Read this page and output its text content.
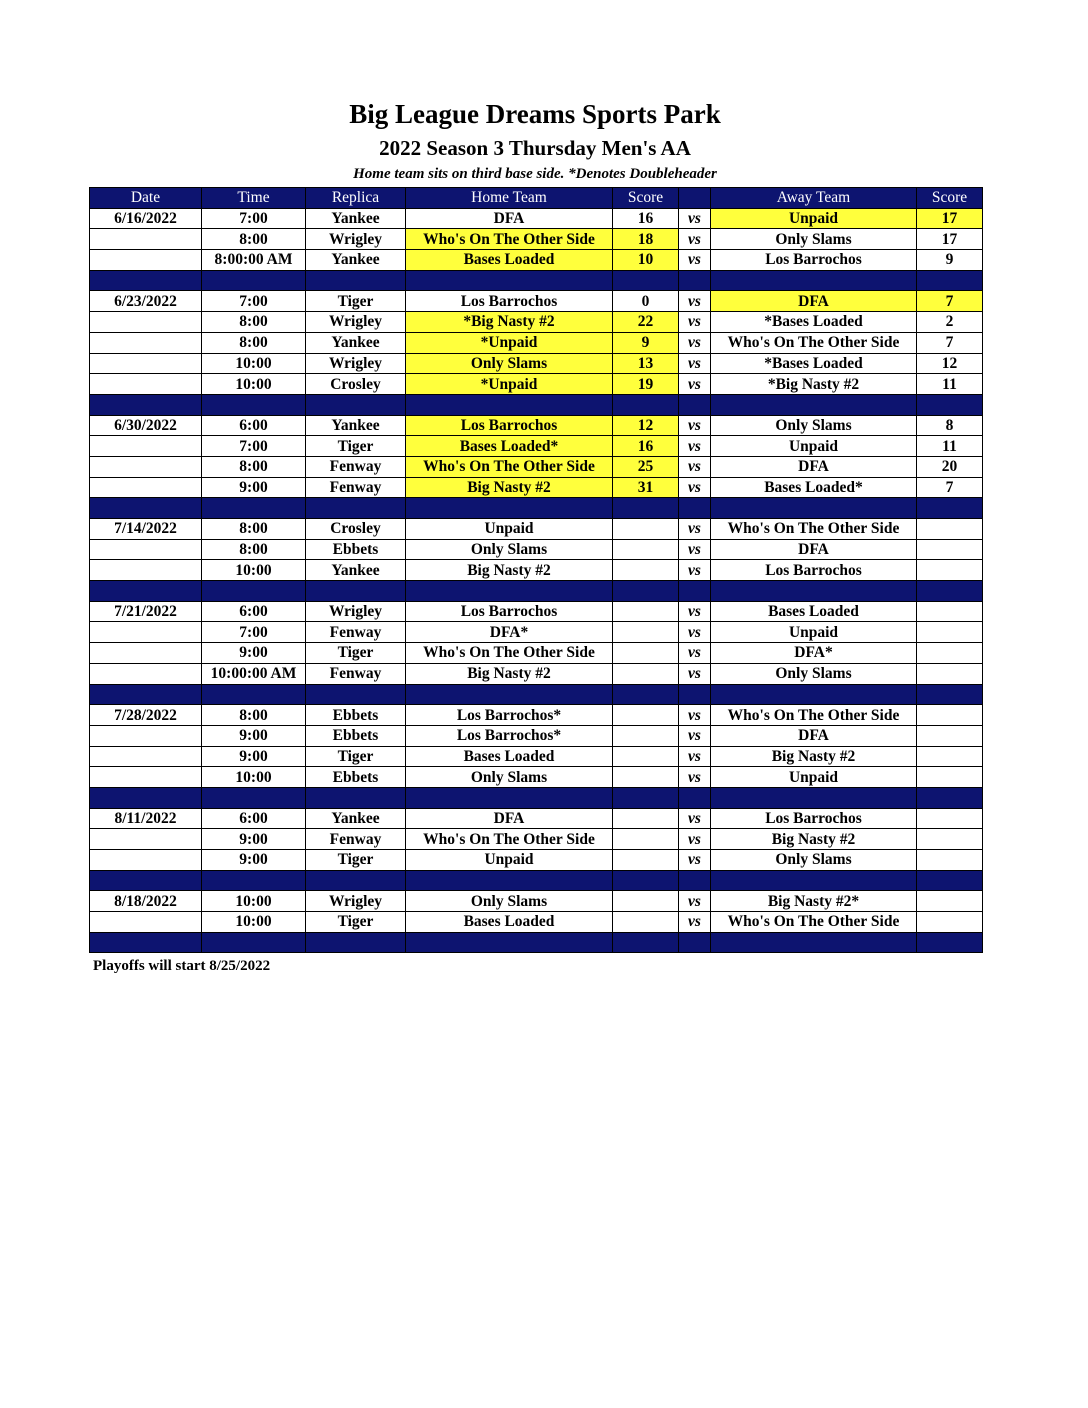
Big League Dreams Sports Park
2022 Season 3 Thursday Men's AA
Home team sits on third base side. *Denotes Doubleheader
Date	Time	Replica	Home Team	Score		Away Team	Score
6/16/2022	7:00	Yankee	DFA	16	vs	Unpaid	17
	8:00	Wrigley	Who's On The Other Side	18	vs	Only Slams	17
	8:00:00 AM	Yankee	Bases Loaded	10	vs	Los Barrochos	9

6/23/2022	7:00	Tiger	Los Barrochos	0	vs	DFA	7
	8:00	Wrigley	*Big Nasty #2	22	vs	*Bases Loaded	2
	8:00	Yankee	*Unpaid	9	vs	Who's On The Other Side	7
	10:00	Wrigley	Only Slams	13	vs	*Bases Loaded	12
	10:00	Crosley	*Unpaid	19	vs	*Big Nasty #2	11

6/30/2022	6:00	Yankee	Los Barrochos	12	vs	Only Slams	8
	7:00	Tiger	Bases Loaded*	16	vs	Unpaid	11
	8:00	Fenway	Who's On The Other Side	25	vs	DFA	20
	9:00	Fenway	Big Nasty #2	31	vs	Bases Loaded*	7

7/14/2022	8:00	Crosley	Unpaid		vs	Who's On The Other Side	
	8:00	Ebbets	Only Slams		vs	DFA	
	10:00	Yankee	Big Nasty #2		vs	Los Barrochos	

7/21/2022	6:00	Wrigley	Los Barrochos		vs	Bases Loaded	
	7:00	Fenway	DFA*		vs	Unpaid	
	9:00	Tiger	Who's On The Other Side		vs	DFA*	
	10:00:00 AM	Fenway	Big Nasty #2		vs	Only Slams	

7/28/2022	8:00	Ebbets	Los Barrochos*		vs	Who's On The Other Side	
	9:00	Ebbets	Los Barrochos*		vs	DFA	
	9:00	Tiger	Bases Loaded		vs	Big Nasty #2	
	10:00	Ebbets	Only Slams		vs	Unpaid	

8/11/2022	6:00	Yankee	DFA		vs	Los Barrochos	
	9:00	Fenway	Who's On The Other Side		vs	Big Nasty #2	
	9:00	Tiger	Unpaid		vs	Only Slams	

8/18/2022	10:00	Wrigley	Only Slams		vs	Big Nasty #2*	
	10:00	Tiger	Bases Loaded		vs	Who's On The Other Side	

Playoffs will start 8/25/2022
